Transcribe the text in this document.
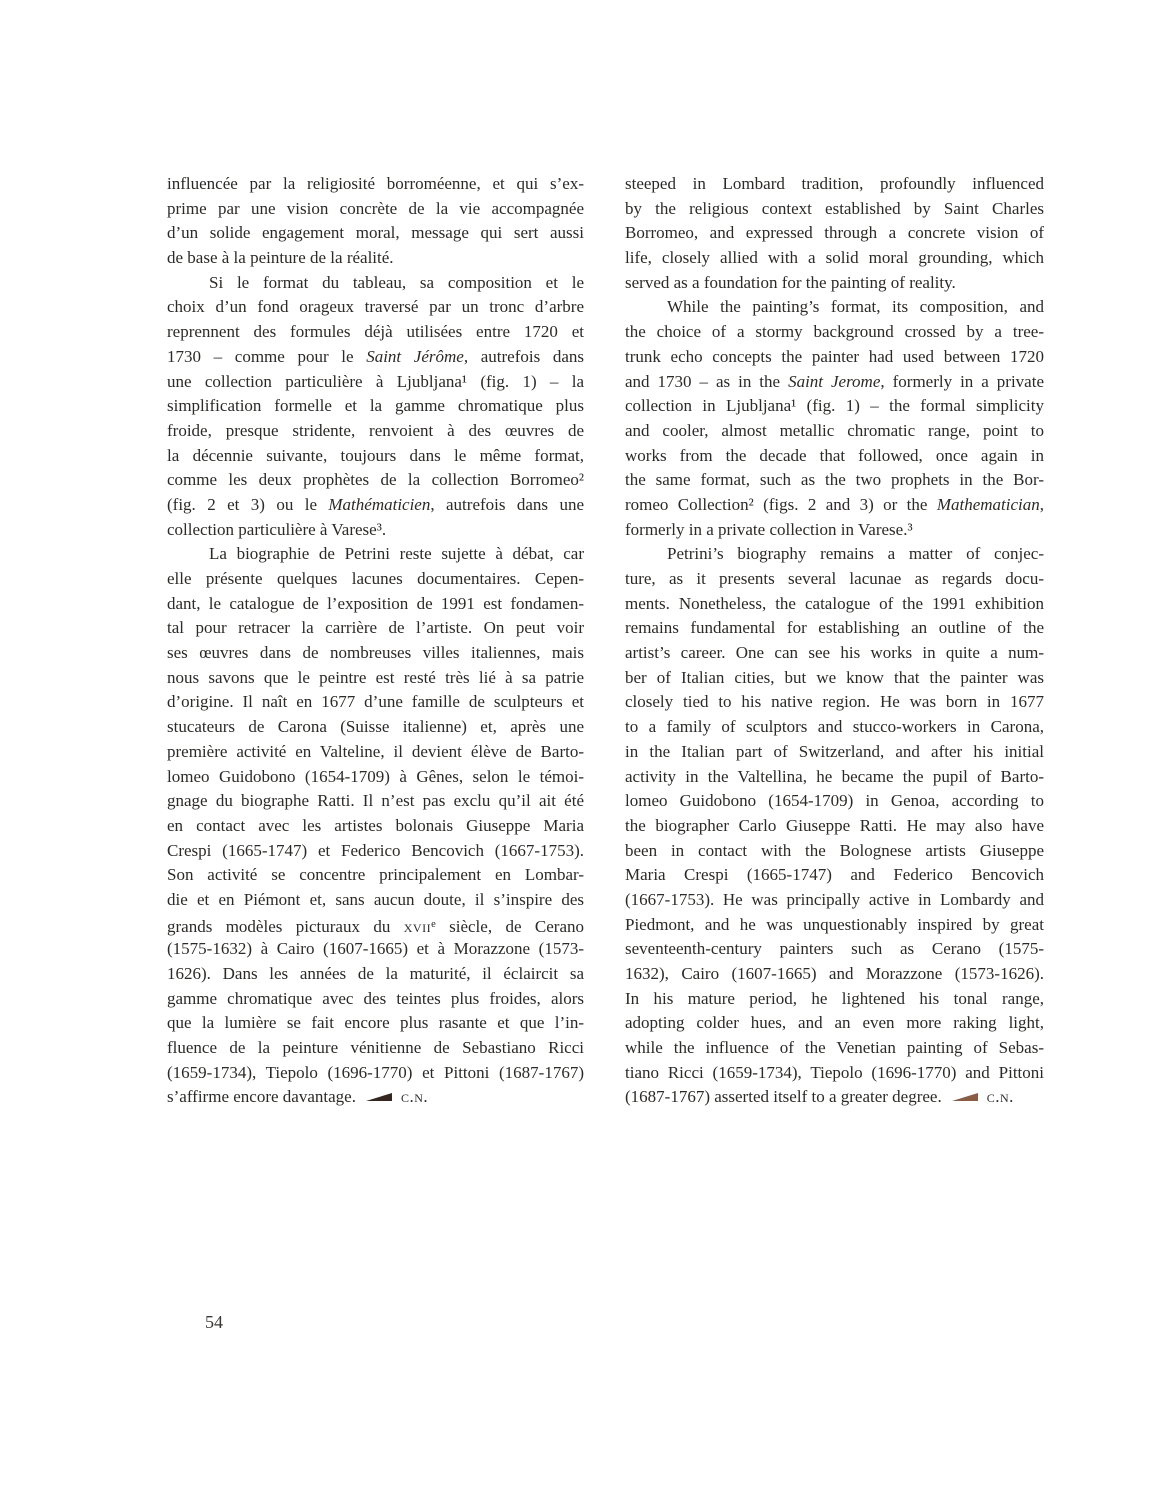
influencée par la religiosité borroméenne, et qui s’ex-
prime par une vision concrète de la vie accompagnée
d’un solide engagement moral, message qui sert aussi
de base à la peinture de la réalité.
Si le format du tableau, sa composition et le
choix d’un fond orageux traversé par un tronc d’arbre
reprennent des formules déjà utilisées entre 1720 et
1730 – comme pour le Saint Jérôme, autrefois dans
une collection particulière à Ljubljana¹ (fig. 1) – la
simplification formelle et la gamme chromatique plus
froide, presque stridente, renvoient à des œuvres de
la décennie suivante, toujours dans le même format,
comme les deux prophètes de la collection Borromeo²
(fig. 2 et 3) ou le Mathématicien, autrefois dans une
collection particulière à Varese³.
La biographie de Petrini reste sujette à débat, car
elle présente quelques lacunes documentaires. Cepen-
dant, le catalogue de l’exposition de 1991 est fondamen-
tal pour retracer la carrière de l’artiste. On peut voir
ses œuvres dans de nombreuses villes italiennes, mais
nous savons que le peintre est resté très lié à sa patrie
d’origine. Il naît en 1677 d’une famille de sculpteurs et
stucateurs de Carona (Suisse italienne) et, après une
première activité en Valteline, il devient élève de Barto-
lomeo Guidobono (1654-1709) à Gênes, selon le témoi-
gnage du biographe Ratti. Il n’est pas exclu qu’il ait été
en contact avec les artistes bolonais Giuseppe Maria
Crespi (1665-1747) et Federico Bencovich (1667-1753).
Son activité se concentre principalement en Lombar-
die et en Piémont et, sans aucun doute, il s’inspire des
grands modèles picturaux du xvii$^e$ siècle, de Cerano
(1575-1632) à Cairo (1607-1665) et à Morazzone (1573-
1626). Dans les années de la maturité, il éclaircit sa
gamme chromatique avec des teintes plus froides, alors
que la lumière se fait encore plus rasante et que l’in-
fluence de la peinture vénitienne de Sebastiano Ricci
(1659-1734), Tiepolo (1696-1770) et Pittoni (1687-1767)
s’affirme encore davantage.	c.n.
steeped in Lombard tradition, profoundly influenced
by the religious context established by Saint Charles
Borromeo, and expressed through a concrete vision of
life, closely allied with a solid moral grounding, which
served as a foundation for the painting of reality.
While the painting’s format, its composition, and
the choice of a stormy background crossed by a tree-
trunk echo concepts the painter had used between 1720
and 1730 – as in the Saint Jerome, formerly in a private
collection in Ljubljana¹ (fig. 1) – the formal simplicity
and cooler, almost metallic chromatic range, point to
works from the decade that followed, once again in
the same format, such as the two prophets in the Bor-
romeo Collection² (figs. 2 and 3) or the Mathematician,
formerly in a private collection in Varese.³
Petrini’s biography remains a matter of conjec-
ture, as it presents several lacunae as regards docu-
ments. Nonetheless, the catalogue of the 1991 exhibition
remains fundamental for establishing an outline of the
artist’s career. One can see his works in quite a num-
ber of Italian cities, but we know that the painter was
closely tied to his native region. He was born in 1677
to a family of sculptors and stucco-workers in Carona,
in the Italian part of Switzerland, and after his initial
activity in the Valtellina, he became the pupil of Barto-
lomeo Guidobono (1654-1709) in Genoa, according to
the biographer Carlo Giuseppe Ratti. He may also have
been in contact with the Bolognese artists Giuseppe
Maria Crespi (1665-1747) and Federico Bencovich
(1667-1753). He was principally active in Lombardy and
Piedmont, and he was unquestionably inspired by great
seventeenth-century painters such as Cerano (1575-
1632), Cairo (1607-1665) and Morazzone (1573-1626).
In his mature period, he lightened his tonal range,
adopting colder hues, and an even more raking light,
while the influence of the Venetian painting of Sebas-
tiano Ricci (1659-1734), Tiepolo (1696-1770) and Pittoni
(1687-1767) asserted itself to a greater degree.	c.n.
54
